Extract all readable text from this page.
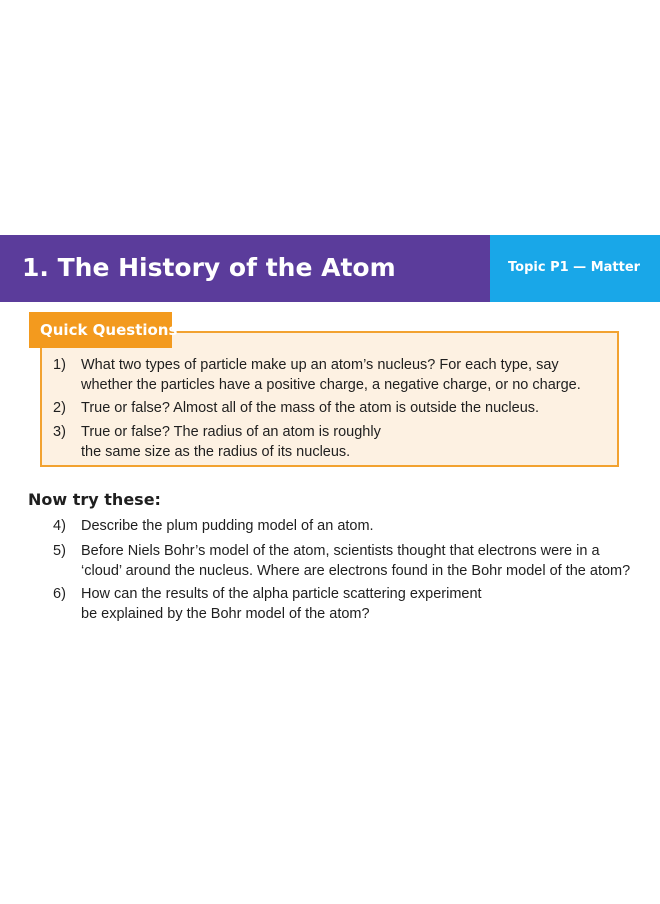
1. The History of the Atom	Topic P1 — Matter
Quick Questions
1) What two types of particle make up an atom’s nucleus? For each type, say
whether the particles have a positive charge, a negative charge, or no charge.
2) True or false? Almost all of the mass of the atom is outside the nucleus.
3) True or false? The radius of an atom is roughly
the same size as the radius of its nucleus.
Now try these:
4) Describe the plum pudding model of an atom.
5) Before Niels Bohr’s model of the atom, scientists thought that electrons were in a
‘cloud’ around the nucleus. Where are electrons found in the Bohr model of the atom?
6) How can the results of the alpha particle scattering experiment
be explained by the Bohr model of the atom?
